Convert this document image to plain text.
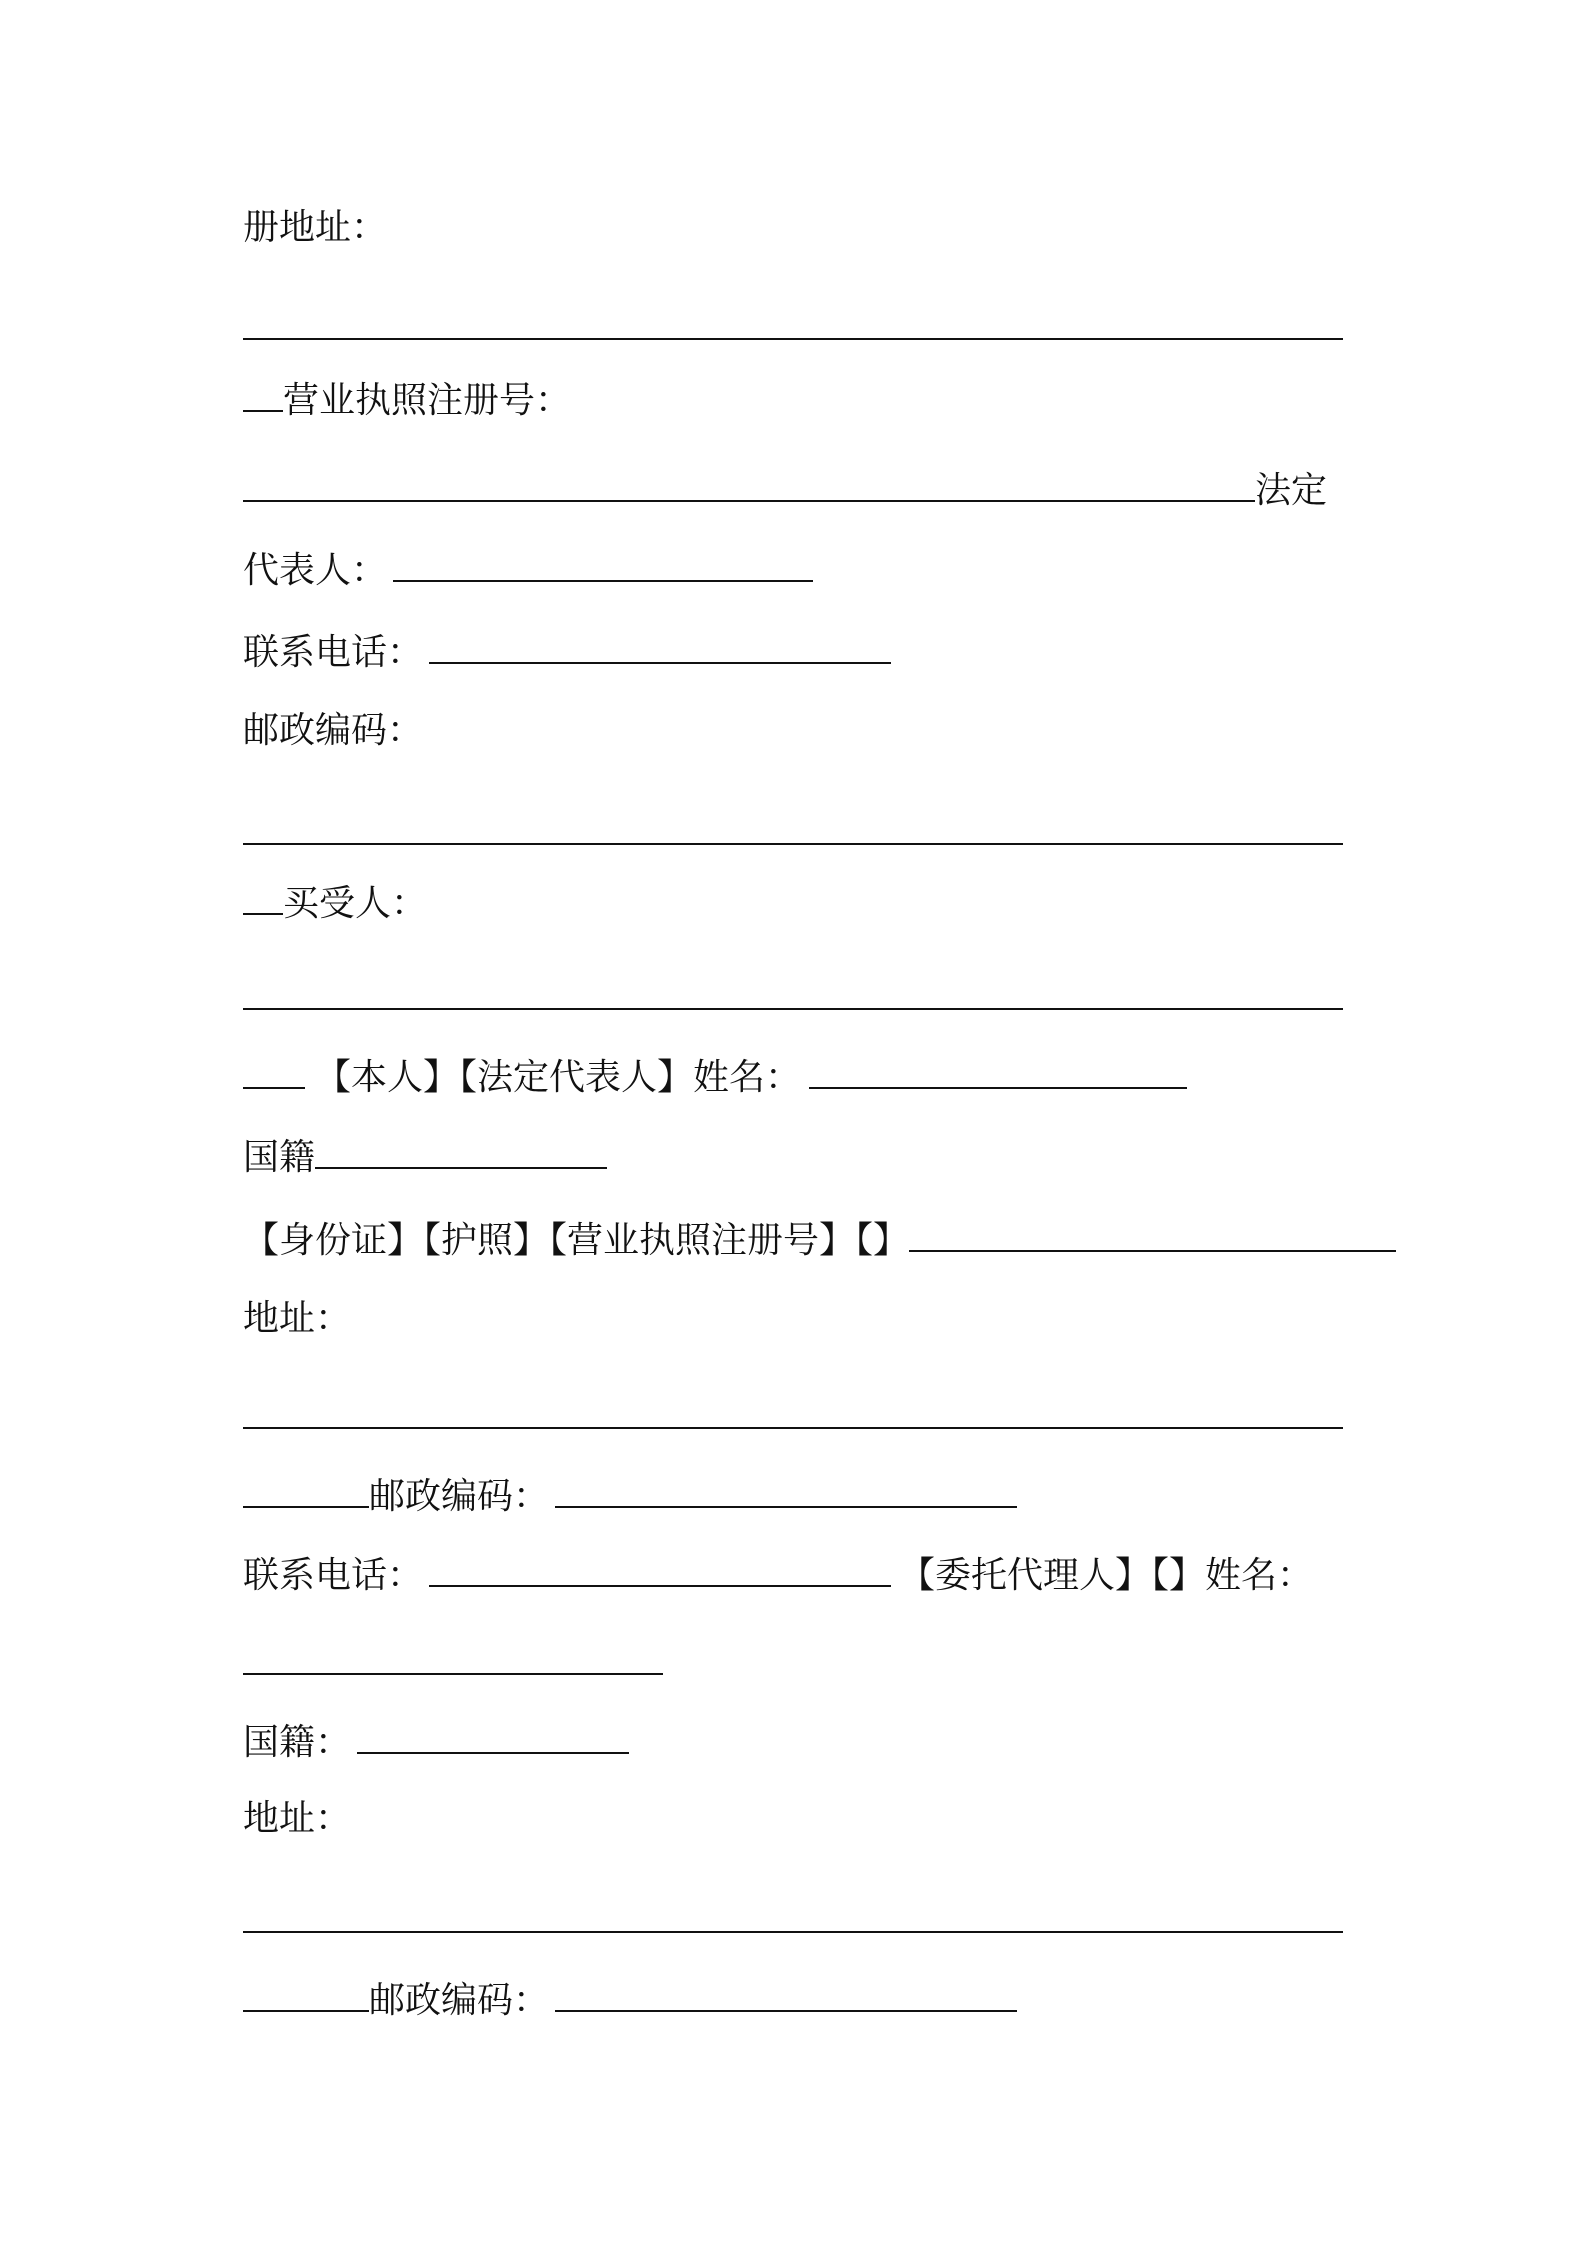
册地址：
营业执照注册号：
法定
代表人：
联系电话：
邮政编码：
买受人：
【本人】【法定代表人】姓名：
国籍
【身份证】【护照】【营业执照注册号】【】
地址：
邮政编码：
联系电话：	【委托代理人】【】姓名：
国籍：
地址：
邮政编码：
